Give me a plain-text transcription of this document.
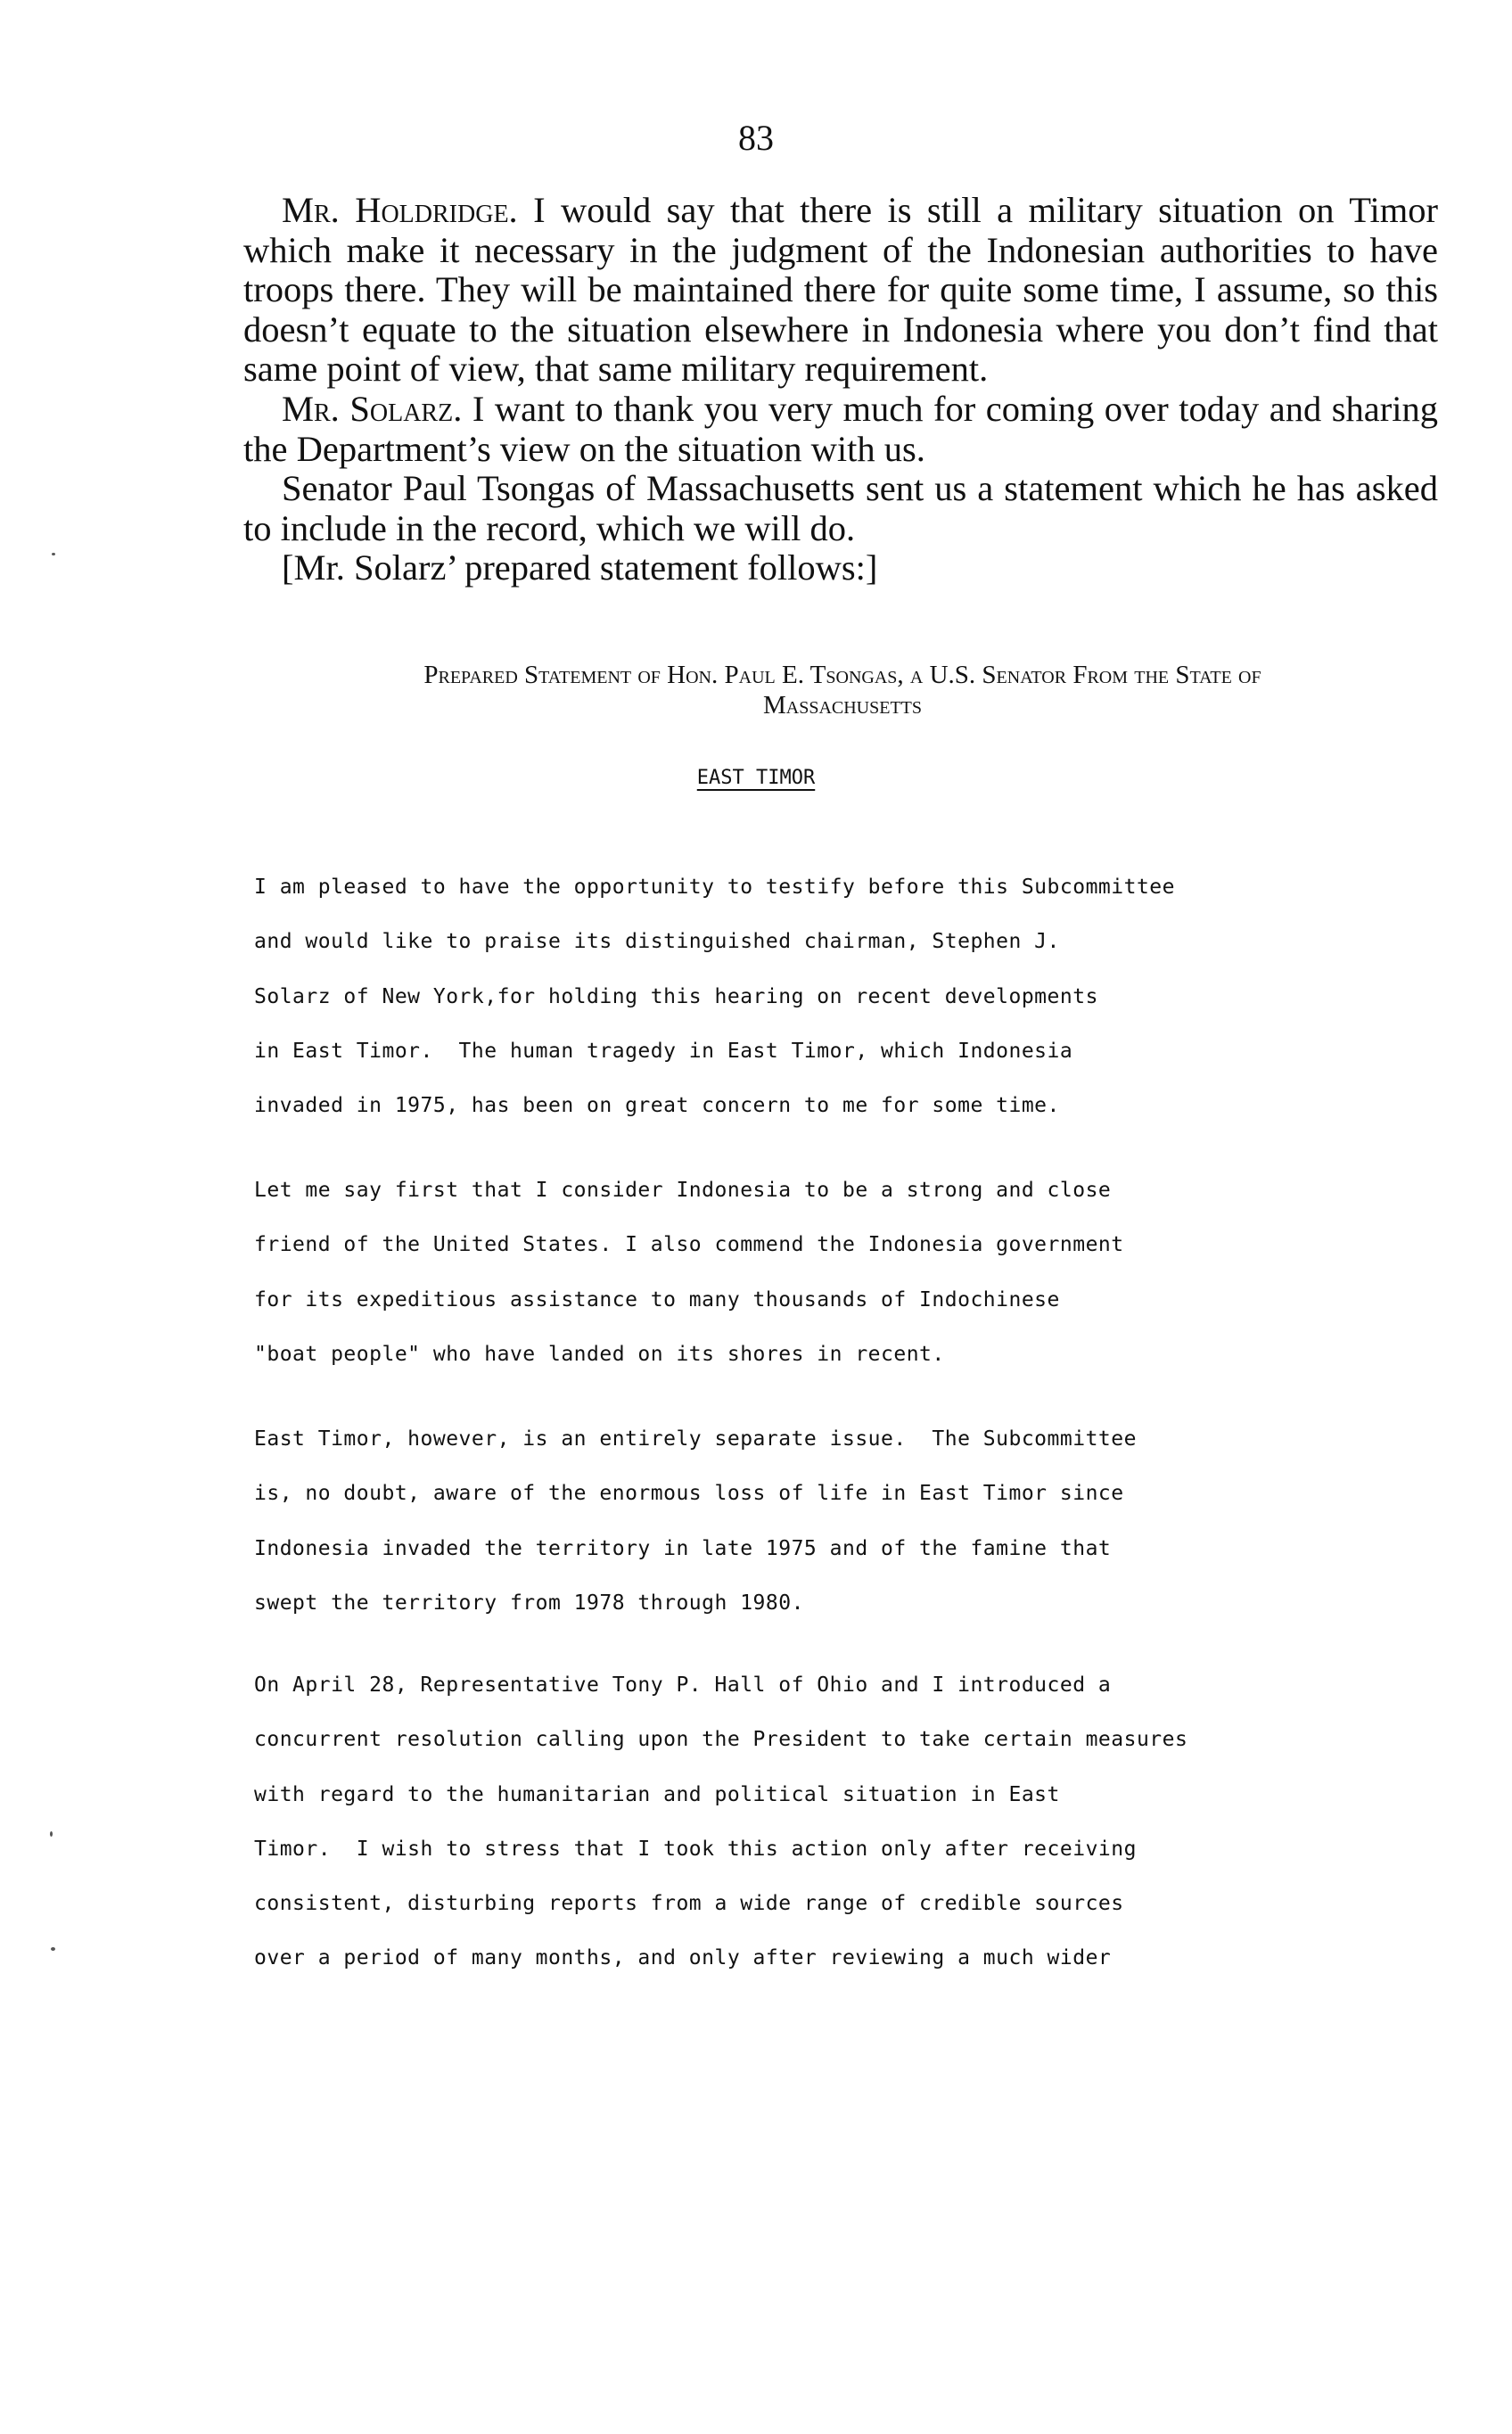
83

Mr. Holdridge. I would say that there is still a military situation on Timor which make it necessary in the judgment of the Indonesian authorities to have troops there. They will be maintained there for quite some time, I assume, so this doesn’t equate to the situation elsewhere in Indonesia where you don’t find that same point of view, that same military requirement.

Mr. Solarz. I want to thank you very much for coming over today and sharing the Department’s view on the situation with us.

Senator Paul Tsongas of Massachusetts sent us a statement which he has asked to include in the record, which we will do.

[Mr. Solarz’ prepared statement follows:]

Prepared Statement of Hon. Paul E. Tsongas, a U.S. Senator From the State of
Massachusetts

EAST TIMOR

I am pleased to have the opportunity to testify before this Subcommittee
and would like to praise its distinguished chairman, Stephen J.
Solarz of New York,for holding this hearing on recent developments
in East Timor.  The human tragedy in East Timor, which Indonesia
invaded in 1975, has been on great concern to me for some time.
Let me say first that I consider Indonesia to be a strong and close
friend of the United States. I also commend the Indonesia government
for its expeditious assistance to many thousands of Indochinese
"boat people" who have landed on its shores in recent.
East Timor, however, is an entirely separate issue.  The Subcommittee
is, no doubt, aware of the enormous loss of life in East Timor since
Indonesia invaded the territory in late 1975 and of the famine that
swept the territory from 1978 through 1980.
On April 28, Representative Tony P. Hall of Ohio and I introduced a
concurrent resolution calling upon the President to take certain measures
with regard to the humanitarian and political situation in East
Timor.  I wish to stress that I took this action only after receiving
consistent, disturbing reports from a wide range of credible sources
over a period of many months, and only after reviewing a much wider
